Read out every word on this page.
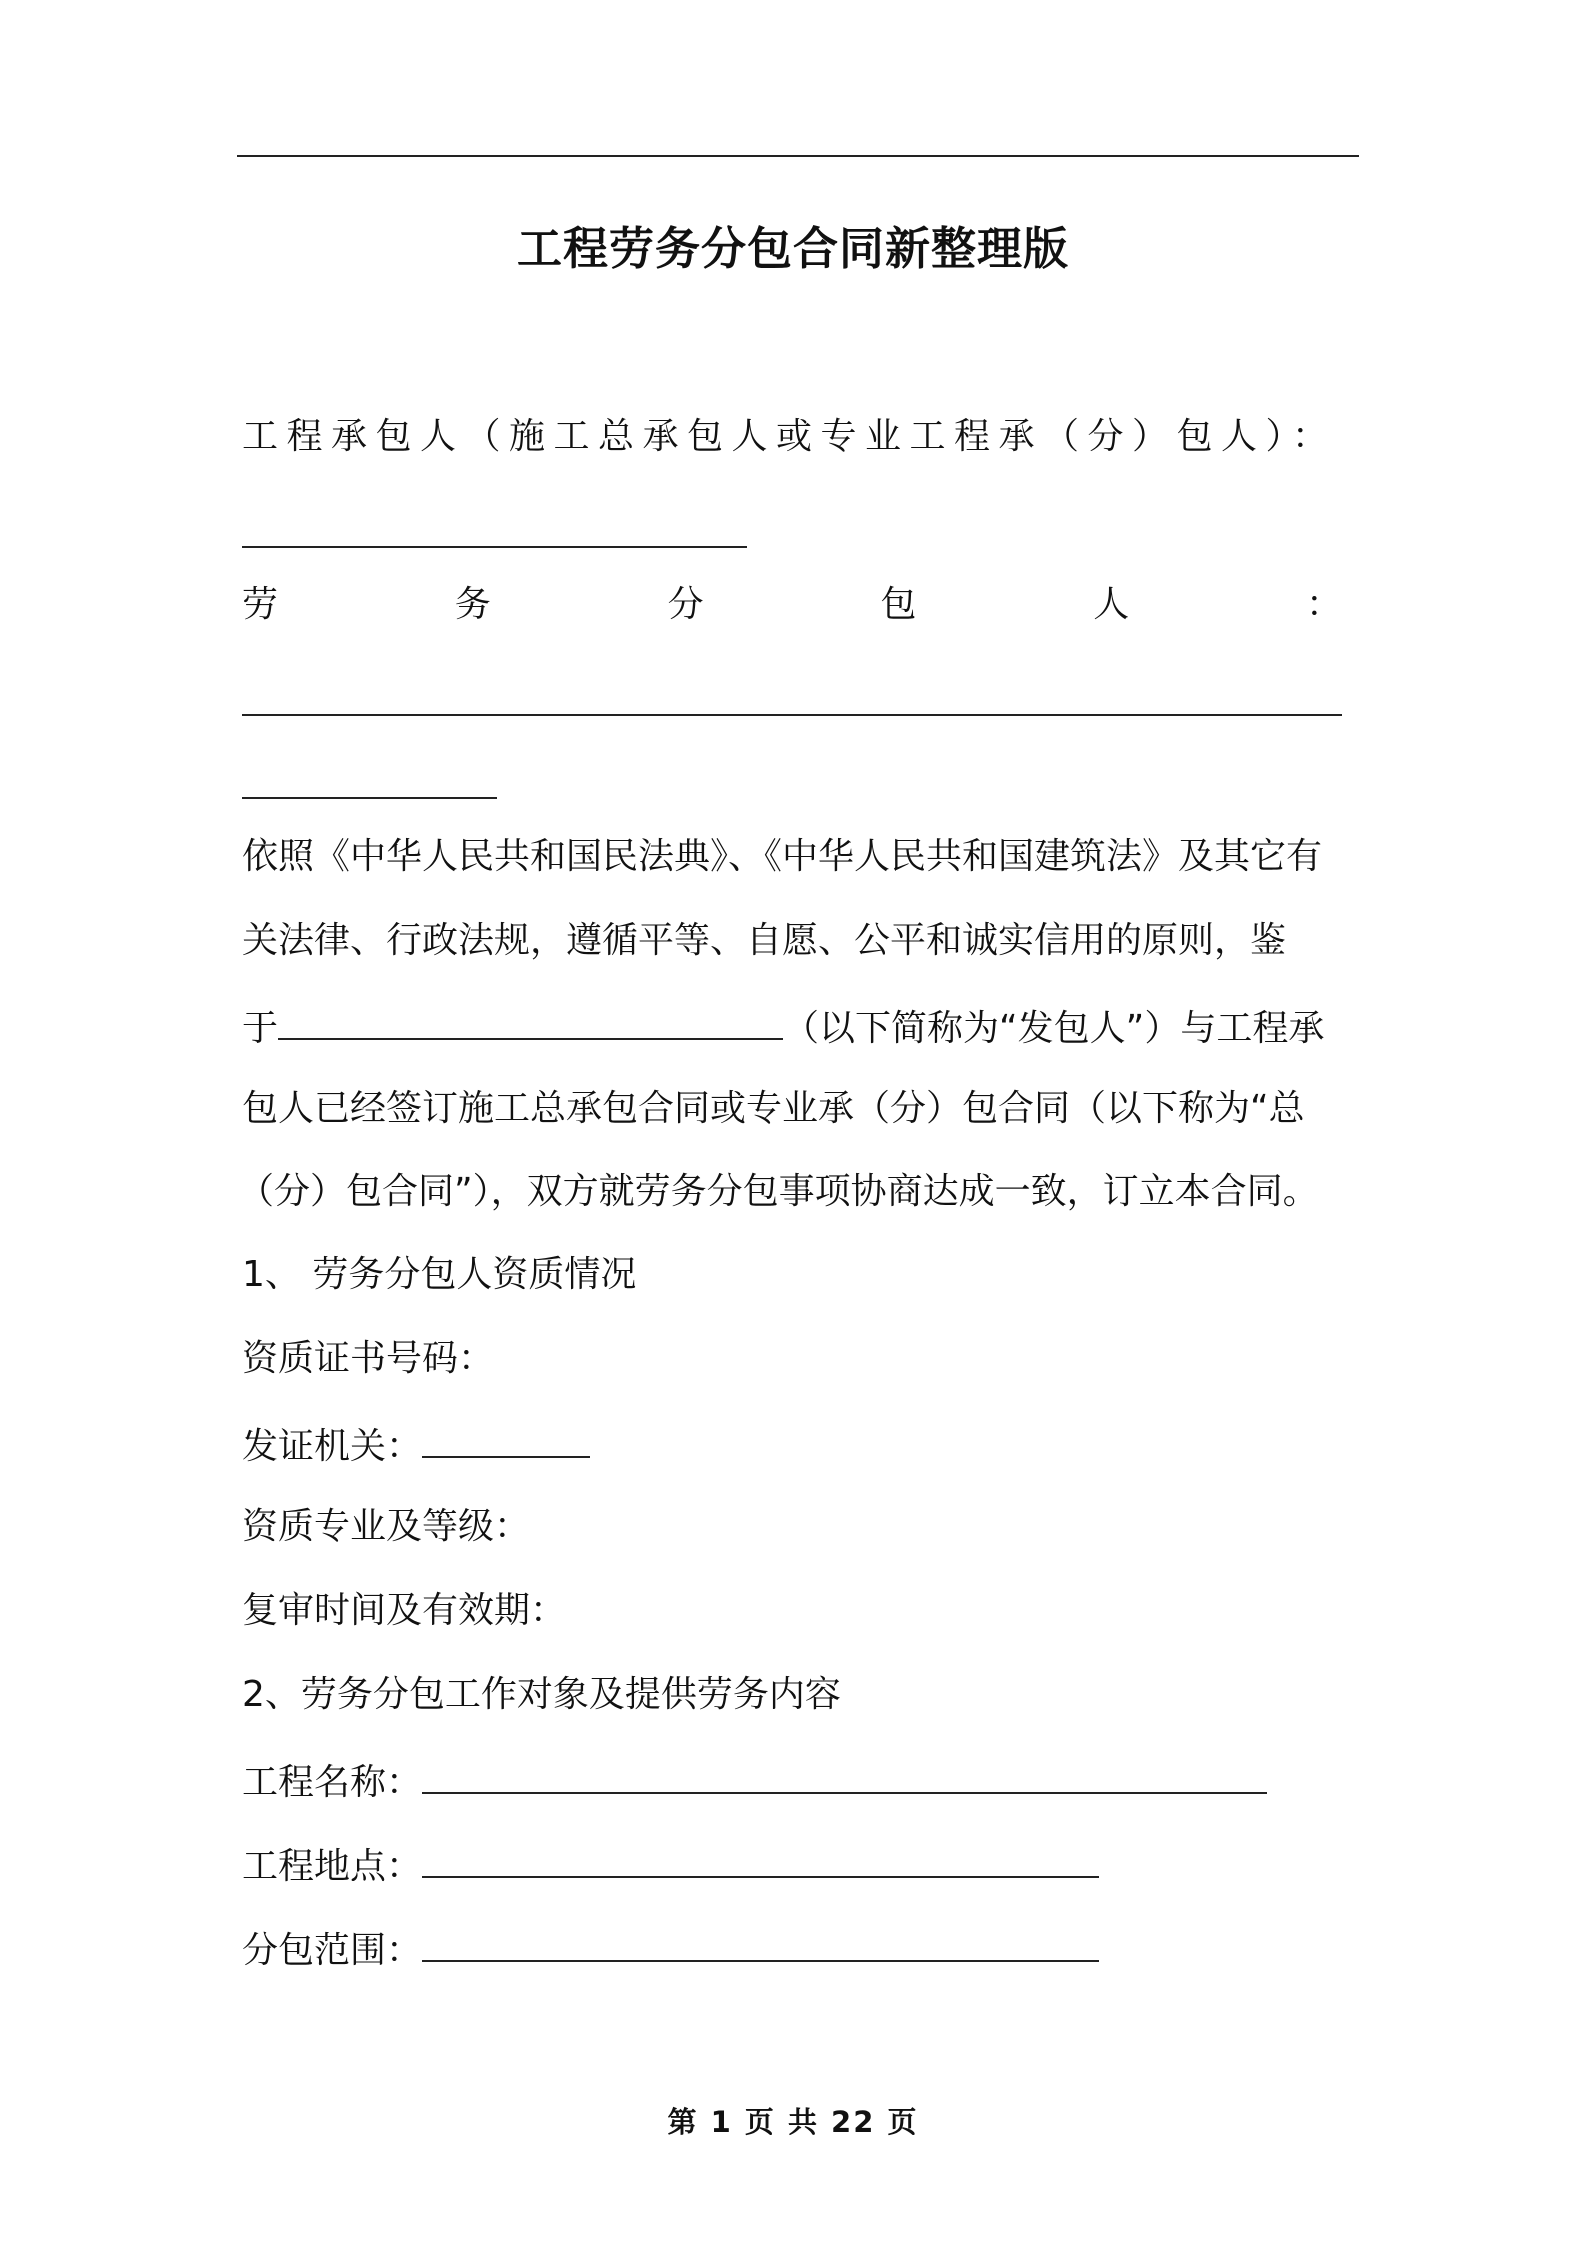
工程劳务分包合同新整理版
工程承包人（施工总承包人或专业工程承（分）包人）：
劳	务	分	包	人	：
依照《中华人民共和国民法典》、《中华人民共和国建筑法》及其它有
关法律、行政法规，遵循平等、自愿、公平和诚实信用的原则，鉴
于	（以下简称为“发包人”）与工程承
包人已经签订施工总承包合同或专业承（分）包合同（以下称为“总
（分）包合同”），双方就劳务分包事项协商达成一致，订立本合同。
1、 劳务分包人资质情况
资质证书号码：
发证机关：
资质专业及等级：
复审时间及有效期：
2、劳务分包工作对象及提供劳务内容
工程名称：
工程地点：
分包范围：
第 1 页 共 22 页
